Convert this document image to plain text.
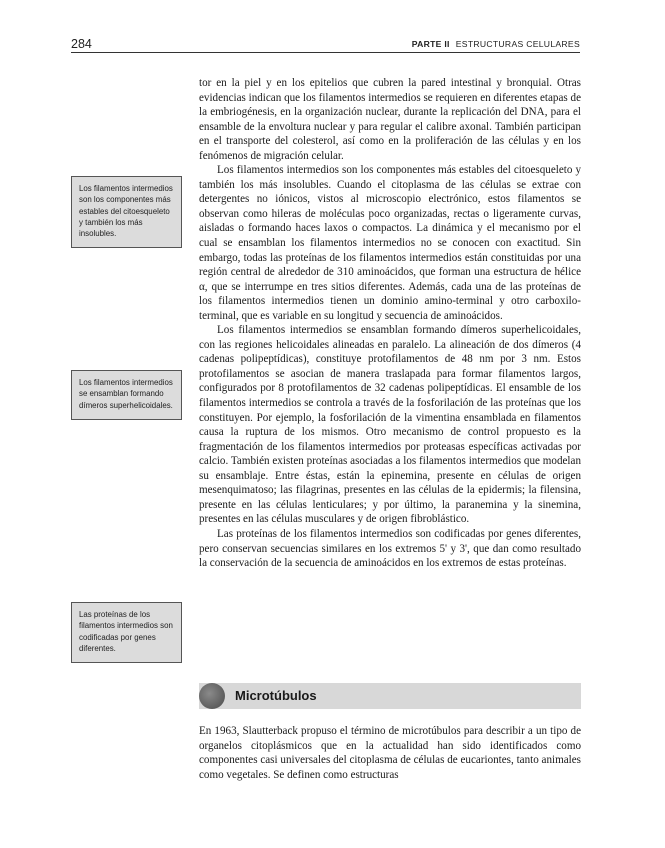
284	PARTE II ESTRUCTURAS CELULARES

tor en la piel y en los epitelios que cubren la pared intestinal y bronquial. Otras evidencias indican que los filamentos intermedios se requieren en diferentes etapas de la embriogénesis, en la organización nuclear, durante la replicación del DNA, para el ensamble de la envoltura nuclear y para regular el calibre axonal. También participan en el transporte del colesterol, así como en la proliferación de las células y en los fenómenos de migración celular.

Los filamentos intermedios son los componentes más estables del citoesqueleto y también los más insolubles. Cuando el citoplasma de las células se extrae con detergentes no iónicos, vistos al microscopio electrónico, estos filamentos se observan como hileras de moléculas poco organizadas, rectas o ligeramente curvas, aisladas o formando haces laxos o compactos. La dinámica y el mecanismo por el cual se ensamblan los filamentos intermedios no se conocen con exactitud. Sin embargo, todas las proteínas de los filamentos intermedios están constituidas por una región central de alrededor de 310 aminoácidos, que forman una estructura de hélice α, que se interrumpe en tres sitios diferentes. Además, cada una de las proteínas de los filamentos intermedios tienen un dominio amino-terminal y otro carboxilo-terminal, que es variable en su longitud y secuencia de aminoácidos.

Los filamentos intermedios se ensamblan formando dímeros superhelicoidales, con las regiones helicoidales alineadas en paralelo. La alineación de dos dímeros (4 cadenas polipeptídicas), constituye protofilamentos de 48 nm por 3 nm. Estos protofilamentos se asocian de manera traslapada para formar filamentos largos, configurados por 8 protofilamentos de 32 cadenas polipeptídicas. El ensamble de los filamentos intermedios se controla a través de la fosforilación de las proteínas que los constituyen. Por ejemplo, la fosforilación de la vimentina ensamblada en filamentos causa la ruptura de los mismos. Otro mecanismo de control propuesto es la fragmentación de los filamentos intermedios por proteasas específicas activadas por calcio. También existen proteínas asociadas a los filamentos intermedios que modelan su ensamblaje. Entre éstas, están la epinemina, presente en células de origen mesenquimatoso; las filagrinas, presentes en las células de la epidermis; la filensina, presente en las células lenticulares; y por último, la paranemina y la sinemina, presentes en las células musculares y de origen fibroblástico.

Las proteínas de los filamentos intermedios son codificadas por genes diferentes, pero conservan secuencias similares en los extremos 5' y 3', que dan como resultado la conservación de la secuencia de aminoácidos en los extremos de estas proteínas.

Los filamentos intermedios son los componentes más estables del citoesqueleto y también los más insolubles.
Los filamentos intermedios se ensamblan formando dímeros superhelicoidales.
Las proteínas de los filamentos intermedios son codificadas por genes diferentes.
Microtúbulos

En 1963, Slautterback propuso el término de microtúbulos para describir a un tipo de organelos citoplásmicos que en la actualidad han sido identificados como componentes casi universales del citoplasma de células de eucariontes, tanto animales como vegetales. Se definen como estructuras
